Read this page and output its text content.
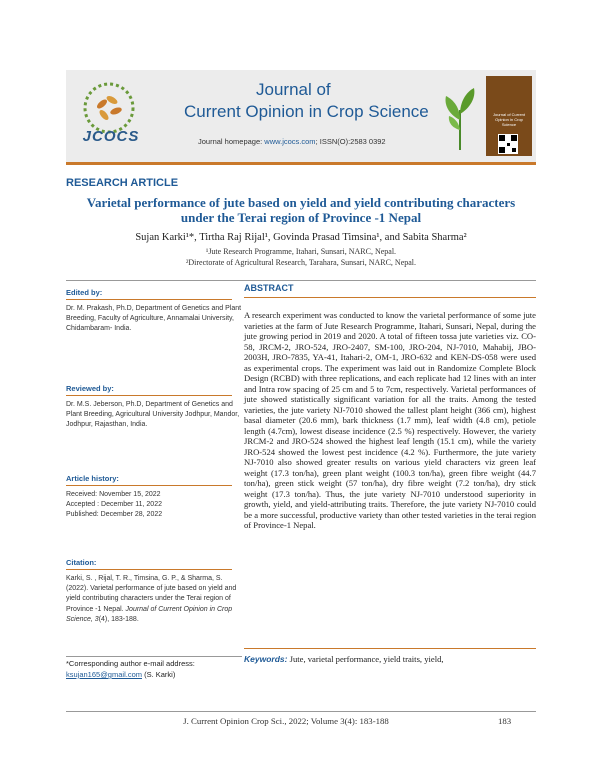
JCOCS
Journal of
Current Opinion in Crop Science
Journal homepage: www.jcocs.com; ISSN(O):2583 0392
Journal of Current Opinion in Crop Science
RESEARCH ARTICLE
Varietal performance of jute based on yield and yield contributing characters
under the Terai region of Province -1 Nepal
Sujan Karki¹*, Tirtha Raj Rijal¹, Govinda Prasad Timsina¹, and Sabita Sharma²
¹Jute Research Programme, Itahari, Sunsari, NARC, Nepal.
²Directorate of Agricultural Research, Tarahara, Sunsari, NARC, Nepal.
Edited by:
Dr. M. Prakash, Ph.D, Department of Genetics and Plant Breeding, Faculty of Agriculture, Annamalai University, Chidambaram- India.
Reviewed by:
Dr. M.S. Jeberson, Ph.D, Department of Genetics and Plant Breeding, Agricultural University Jodhpur, Mandor, Jodhpur, Rajasthan, India.
Article history:
Received: November 15, 2022
Accepted : December 11, 2022
Published: December 28, 2022
Citation:
Karki, S. , Rijal, T. R., Timsina, G. P., & Sharma, S. (2022). Varietal performance of jute based on yield and yield contributing characters under the Terai region of Province -1 Nepal. Journal of Current Opinion in Crop Science, 3(4), 183-188.
*Corresponding author e-mail address:
ksujan165@gmail.com (S. Karki)
ABSTRACT
A research experiment was conducted to know the varietal performance of some jute varieties at the farm of Jute Research Programme, Itahari, Sunsari, Nepal, during the jute growing period in 2019 and 2020. A total of fifteen tossa jute varieties viz. CO-58, JRCM-2, JRO-524, JRO-2407, SM-100, JRO-204, NJ-7010, Mahabij, JBO-2003H, JRO-7835, YA-41, Itahari-2, OM-1, JRO-632 and KEN-DS-058 were used as experimental crops. The experiment was laid out in Randomize Complete Block Design (RCBD) with three replications, and each replicate had 12 lines with an inter and Intra row spacing of 25 cm and 5 to 7cm, respectively. Varietal performances of jute showed statistically significant variation for all the traits. Among the tested varieties, the jute variety NJ-7010 showed the tallest plant height (366 cm), highest basal diameter (20.6 mm), bark thickness (1.7 mm), leaf width (4.8 cm), petiole length (4.7cm), lowest disease incidence (2.5 %) respectively. However, the variety JRCM-2 and JRO-524 showed the highest leaf length (15.1 cm), while the variety JRO-524 showed the lowest pest incidence (4.2 %). Furthermore, the jute variety NJ-7010 also showed greater results on various yield characters viz green leaf weight (17.3 ton/ha), green plant weight (100.3 ton/ha), green fibre weight (44.7 ton/ha), green stick weight (57 ton/ha), dry fibre weight (7.2 ton/ha), dry stick weight (17.3 ton/ha). Thus, the jute variety NJ-7010 understood superiority in growth, yield, and yield-attributing traits. Therefore, the jute variety NJ-7010 could be a more successful, productive variety than other tested varieties in the terai region of Province-1 Nepal.
Keywords: Jute, varietal performance, yield traits, yield,
J. Current Opinion Crop Sci., 2022; Volume 3(4): 183-188	183
